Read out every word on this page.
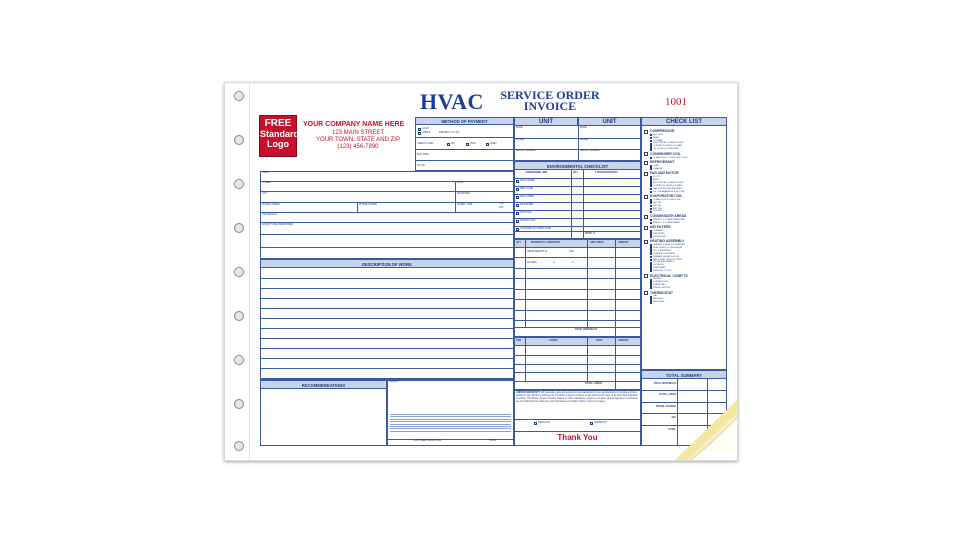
HVAC SERVICE ORDER
INVOICE	1001
FREE
Standard
Logo
YOUR COMPANY NAME HERE
123 MAIN STREET
YOUR TOWN, STATE AND ZIP
(123) 456-7890
METHOD OF PAYMENT
CASH
CHECK	DRIVER'S LIC. NO.
CREDIT CARD	MC	VISA	AMEX
EXP. DATE
CC NO.
NAME
STREET	DATE
CITY	PROMISED
PHONE (HOME)	PHONE (WORK)	SCHED. TIME	A.M.
P.M.
TECHNICIAN
WORK TO BE PERFORMED
DESCRIPTION OF WORK
RECOMMENDATIONS
TERMS
CUSTOMER SIGNATURE	DATE
UNIT	UNIT
MAKE	MAKE
MODEL	MODEL
SERIAL NUMBER	SERIAL NUMBER
ENVIRONMENTAL CHECKLIST
CONDENSING UNIT	QTY	TYPE/DISPOSITION
RECOVERED
RECYCLED
RECLAIMED
RETURNED
DISPOSAL
DISMANTLED
CHANGED OUT/REPLACED
TOTAL $
QTY	MATERIALS & SERVICES	UNIT PRICE	AMOUNT
REFRIGERANT R-	LBS.
FILTERS	X	X
TOTAL MATERIALS
HRS	LABOR	RATE	AMOUNT
TOTAL LABOR
LIMITED WARRANTY: All materials, parts and equipment are warranted by the manufacturers or suppliers written warranty only. All labor performed by the above named company is warranted for 30 days or as otherwise indicated in writing. The above named company makes no other warranties, express or implied, and its agents or technicians are not authorized to make any such warranties on behalf of above named company.
REGULAR	WARRANTY
Thank You
CHECK LIST
COMPRESSOR
SUCTION
HEAD
VOLTAGE
ELECTRICAL CONNECTIONS
CONTACTS TIGHT & CLEAN
OIL LEVEL & CONDITION
CONDENSER COIL
CLEAN COIL & CHECK FIN COND.
REFRIGERANT
LEAK
CHARGE
FAN AND MOTOR
VOLTS
AMPS
ELECTRICAL CONNECTIONS
CONTACTS TIGHT & CLEAN
FAN PULLEYS ADJUST BELT
OIL LUB BEARINGS & MOTOR
EVAPORATOR COIL
CLEAN COIL & CHECK FIN
ENT DB
LVG DB
ENT WB
LVG WB
CONDENSATE AREAS
INSPECT & CLEAN DRAIN PAN
INSPECT & CLEAN DRAIN
AIR FILTERS
CLEANED
REPLACED
FILTER SIZE
HEATING ASSEMBLY
BURNER & HEAT EXCHANGER
FUEL SUPPLY & PRESSURE
PILOT ASSEMBLY
FLAME ADJUSTMENT
PRIMARY RELAY & FLUE
FAN & LIMIT SWITCH OPER.
BLOWER ASSEMBLY
GV VALVE
STRIP HEAT
DEFROST CYCLE
ELECTRICAL COMP'TS.
RELAYS
CONTACTORS
OVERLOAD
PRESS. SWITCH
THERMOSTAT
CAL
REPLACE
RELOCATE
TOTAL SUMMARY
TOTAL MATERIALS
TOTAL LABOR
TRAVEL CHARGE
TAX
TOTAL
